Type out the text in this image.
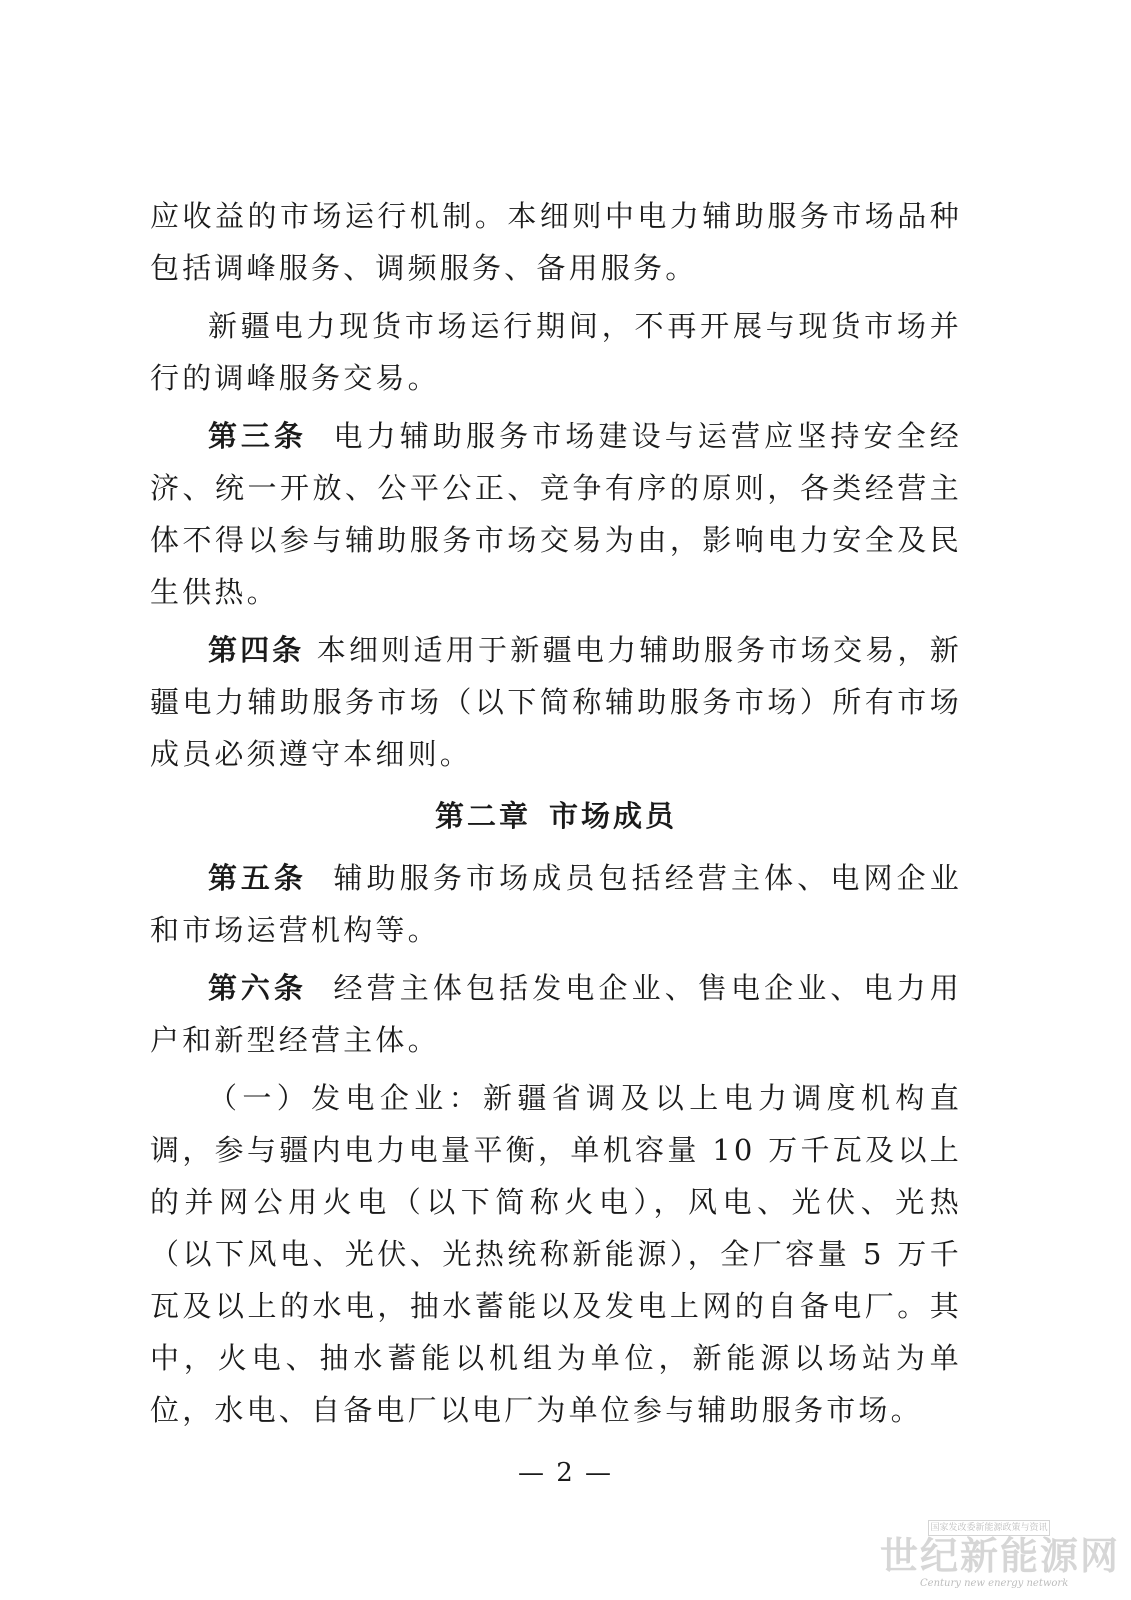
应收益的市场运行机制。本细则中电力辅助服务市场品种包括调峰服务、调频服务、备用服务。

新疆电力现货市场运行期间，不再开展与现货市场并行的调峰服务交易。

第三条 电力辅助服务市场建设与运营应坚持安全经济、统一开放、公平公正、竞争有序的原则，各类经营主体不得以参与辅助服务市场交易为由，影响电力安全及民生供热。

第四条 本细则适用于新疆电力辅助服务市场交易，新疆电力辅助服务市场（以下简称辅助服务市场）所有市场成员必须遵守本细则。

第二章 市场成员

第五条 辅助服务市场成员包括经营主体、电网企业和市场运营机构等。

第六条 经营主体包括发电企业、售电企业、电力用户和新型经营主体。

（一）发电企业：新疆省调及以上电力调度机构直调，参与疆内电力电量平衡，单机容量 10 万千瓦及以上的并网公用火电（以下简称火电），风电、光伏、光热（以下风电、光伏、光热统称新能源），全厂容量 5 万千瓦及以上的水电，抽水蓄能以及发电上网的自备电厂。其中，火电、抽水蓄能以机组为单位，新能源以场站为单位，水电、自备电厂以电厂为单位参与辅助服务市场。

— 2 —
国家发改委新能源政策与资讯
世纪新能源网
Century new energy network
